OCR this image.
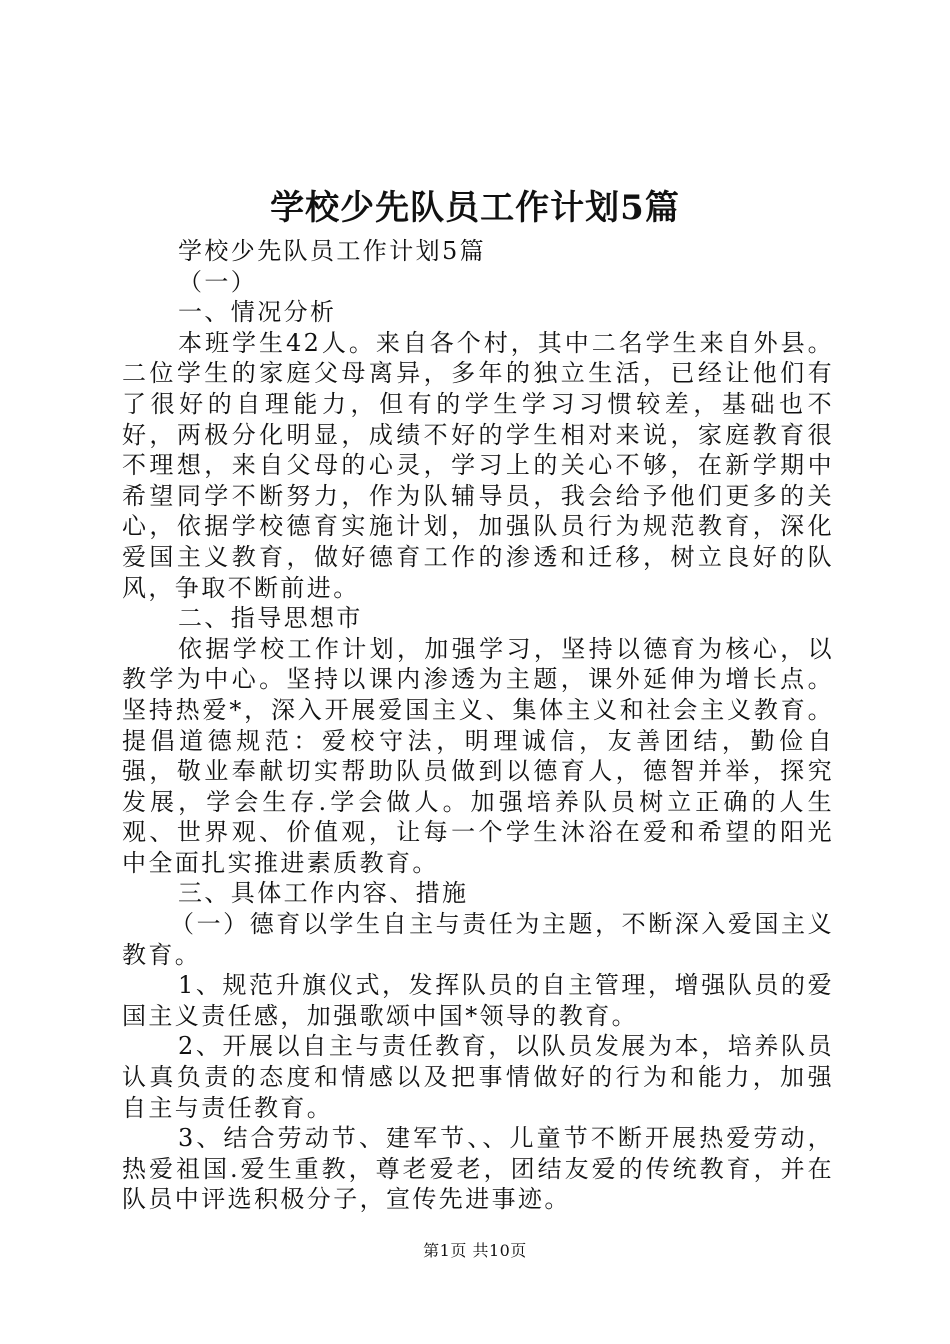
学校少先队员工作计划5篇

学校少先队员工作计划5篇

（一）

一、情况分析

本班学生42人。来自各个村，其中二名学生来自外县。二位学生的家庭父母离异，多年的独立生活，已经让他们有了很好的自理能力，但有的学生学习习惯较差，基础也不好，两极分化明显，成绩不好的学生相对来说，家庭教育很不理想，来自父母的心灵，学习上的关心不够，在新学期中希望同学不断努力，作为队辅导员，我会给予他们更多的关心，依据学校德育实施计划，加强队员行为规范教育，深化爱国主义教育，做好德育工作的渗透和迁移，树立良好的队风，争取不断前进。

二、指导思想市

依据学校工作计划，加强学习，坚持以德育为核心，以教学为中心。坚持以课内渗透为主题，课外延伸为增长点。坚持热爱*，深入开展爱国主义、集体主义和社会主义教育。提倡道德规范：爱校守法，明理诚信，友善团结，勤俭自强，敬业奉献切实帮助队员做到以德育人，德智并举，探究发展，学会生存.学会做人。加强培养队员树立正确的人生观、世界观、价值观，让每一个学生沐浴在爱和希望的阳光中全面扎实推进素质教育。

三、具体工作内容、措施

（一）德育以学生自主与责任为主题，不断深入爱国主义教育。

1、规范升旗仪式，发挥队员的自主管理，增强队员的爱国主义责任感，加强歌颂中国*领导的教育。

2、开展以自主与责任教育，以队员发展为本，培养队员认真负责的态度和情感以及把事情做好的行为和能力，加强自主与责任教育。

3、结合劳动节、建军节、、儿童节不断开展热爱劳动，热爱祖国.爱生重教，尊老爱老，团结友爱的传统教育，并在队员中评选积极分子，宣传先进事迹。

第1页 共10页
